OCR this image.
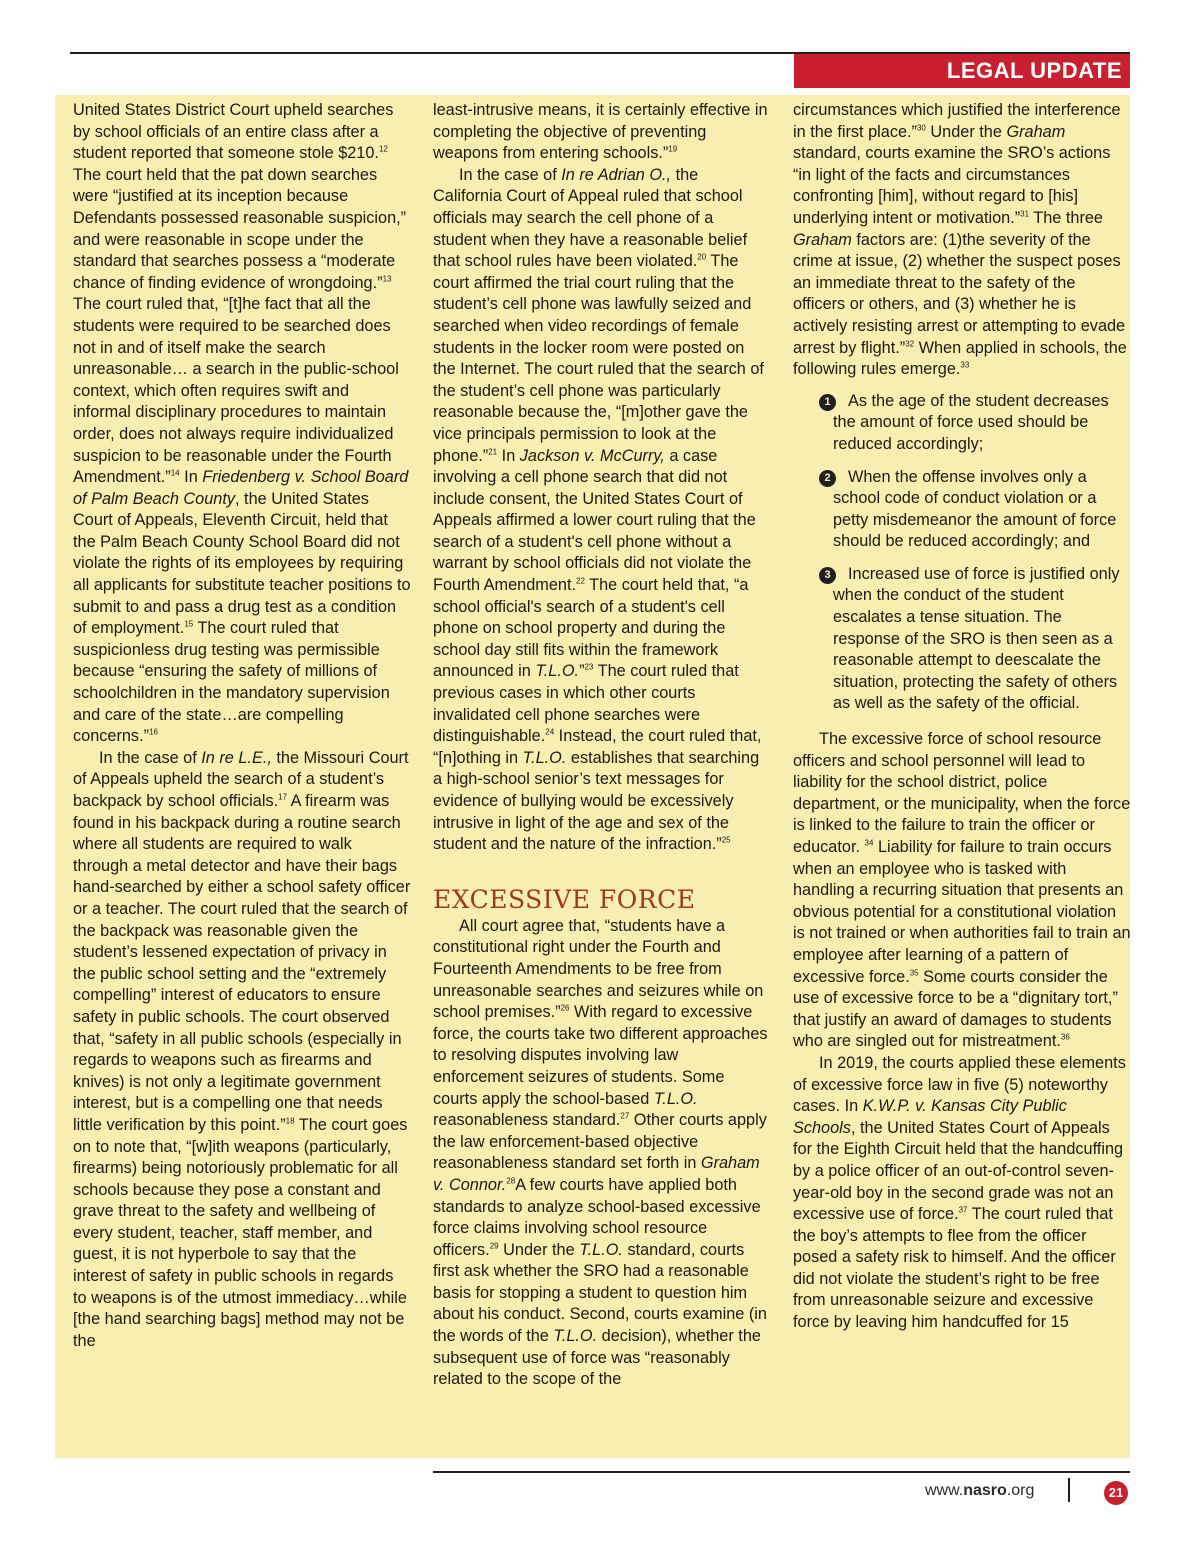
LEGAL UPDATE

United States District Court upheld searches by school officials of an entire class after a student reported that someone stole $210.12 The court held that the pat down searches were “justified at its inception because Defendants possessed reasonable suspicion,” and were reasonable in scope under the standard that searches possess a “moderate chance of finding evidence of wrongdoing.”$^{13}$ The court ruled that, “[t]he fact that all the students were required to be searched does not in and of itself make the search unreasonable… a search in the public-school context, which often requires swift and informal disciplinary procedures to maintain order, does not always require individualized suspicion to be reasonable under the Fourth Amendment.”$^{14}$ In Friedenberg v. School Board of Palm Beach County, the United States Court of Appeals, Eleventh Circuit, held that the Palm Beach County School Board did not violate the rights of its employees by requiring all applicants for substitute teacher positions to submit to and pass a drug test as a condition of employment.$^{15}$ The court ruled that suspicionless drug testing was permissible because “ensuring the safety of millions of schoolchildren in the mandatory supervision and care of the state…are compelling concerns.”$^{16}$

In the case of In re L.E., the Missouri Court of Appeals upheld the search of a student’s backpack by school officials.$^{17}$ A firearm was found in his backpack during a routine search where all students are required to walk through a metal detector and have their bags hand-searched by either a school safety officer or a teacher. The court ruled that the search of the backpack was reasonable given the student’s lessened expectation of privacy in the public school setting and the “extremely compelling” interest of educators to ensure safety in public schools. The court observed that, “safety in all public schools (especially in regards to weapons such as firearms and knives) is not only a legitimate government interest, but is a compelling one that needs little verification by this point.”$^{18}$ The court goes on to note that, “[w]ith weapons (particularly, firearms) being notoriously problematic for all schools because they pose a constant and grave threat to the safety and wellbeing of every student, teacher, staff member, and guest, it is not hyperbole to say that the interest of safety in public schools in regards to weapons is of the utmost immediacy…while [the hand searching bags] method may not be the

least-intrusive means, it is certainly effective in completing the objective of preventing weapons from entering schools.”$^{19}$

In the case of In re Adrian O., the California Court of Appeal ruled that school officials may search the cell phone of a student when they have a reasonable belief that school rules have been violated.$^{20}$ The court affirmed the trial court ruling that the student’s cell phone was lawfully seized and searched when video recordings of female students in the locker room were posted on the Internet. The court ruled that the search of the student’s cell phone was particularly reasonable because the, “[m]other gave the vice principals permission to look at the phone.”$^{21}$ In Jackson v. McCurry, a case involving a cell phone search that did not include consent, the United States Court of Appeals affirmed a lower court ruling that the search of a student's cell phone without a warrant by school officials did not violate the Fourth Amendment.$^{22}$ The court held that, “a school official's search of a student's cell phone on school property and during the school day still fits within the framework announced in T.L.O.”$^{23}$ The court ruled that previous cases in which other courts invalidated cell phone searches were distinguishable.$^{24}$ Instead, the court ruled that, “[n]othing in T.L.O. establishes that searching a high-school senior’s text messages for evidence of bullying would be excessively intrusive in light of the age and sex of the student and the nature of the infraction.”$^{25}$

EXCESSIVE FORCE

All court agree that, “students have a constitutional right under the Fourth and Fourteenth Amendments to be free from unreasonable searches and seizures while on school premises.”$^{26}$ With regard to excessive force, the courts take two different approaches to resolving disputes involving law enforcement seizures of students. Some courts apply the school-based T.L.O. reasonableness standard.$^{27}$ Other courts apply the law enforcement-based objective reasonableness standard set forth in Graham v. Connor.$^{28}$A few courts have applied both standards to analyze school-based excessive force claims involving school resource officers.$^{29}$ Under the T.L.O. standard, courts first ask whether the SRO had a reasonable basis for stopping a student to question him about his conduct. Second, courts examine (in the words of the T.L.O. decision), whether the subsequent use of force was “reasonably related to the scope of the

circumstances which justified the interference in the first place.”$^{30}$ Under the Graham standard, courts examine the SRO’s actions “in light of the facts and circumstances confronting [him], without regard to [his] underlying intent or motivation.”$^{31}$ The three Graham factors are: (1)the severity of the crime at issue, (2) whether the suspect poses an immediate threat to the safety of the officers or others, and (3) whether he is actively resisting arrest or attempting to evade arrest by flight.”$^{32}$ When applied in schools, the following rules emerge.$^{33}$

1	As the age of the student decreases the amount of force used should be reduced accordingly;
2	When the offense involves only a school code of conduct violation or a petty misdemeanor the amount of force should be reduced accordingly; and
3	Increased use of force is justified only when the conduct of the student escalates a tense situation. The response of the SRO is then seen as a reasonable attempt to deescalate the situation, protecting the safety of others as well as the safety of the official.

The excessive force of school resource officers and school personnel will lead to liability for the school district, police department, or the municipality, when the force is linked to the failure to train the officer or educator. $^{34}$ Liability for failure to train occurs when an employee who is tasked with handling a recurring situation that presents an obvious potential for a constitutional violation is not trained or when authorities fail to train an employee after learning of a pattern of excessive force.$^{35}$ Some courts consider the use of excessive force to be a “dignitary tort,” that justify an award of damages to students who are singled out for mistreatment.$^{36}$

In 2019, the courts applied these elements of excessive force law in five (5) noteworthy cases. In K.W.P. v. Kansas City Public Schools, the United States Court of Appeals for the Eighth Circuit held that the handcuffing by a police officer of an out-of-control seven-year-old boy in the second grade was not an excessive use of force.$^{37}$ The court ruled that the boy’s attempts to flee from the officer posed a safety risk to himself. And the officer did not violate the student’s right to be free from unreasonable seizure and excessive force by leaving him handcuffed for 15

www.nasro.org	21
